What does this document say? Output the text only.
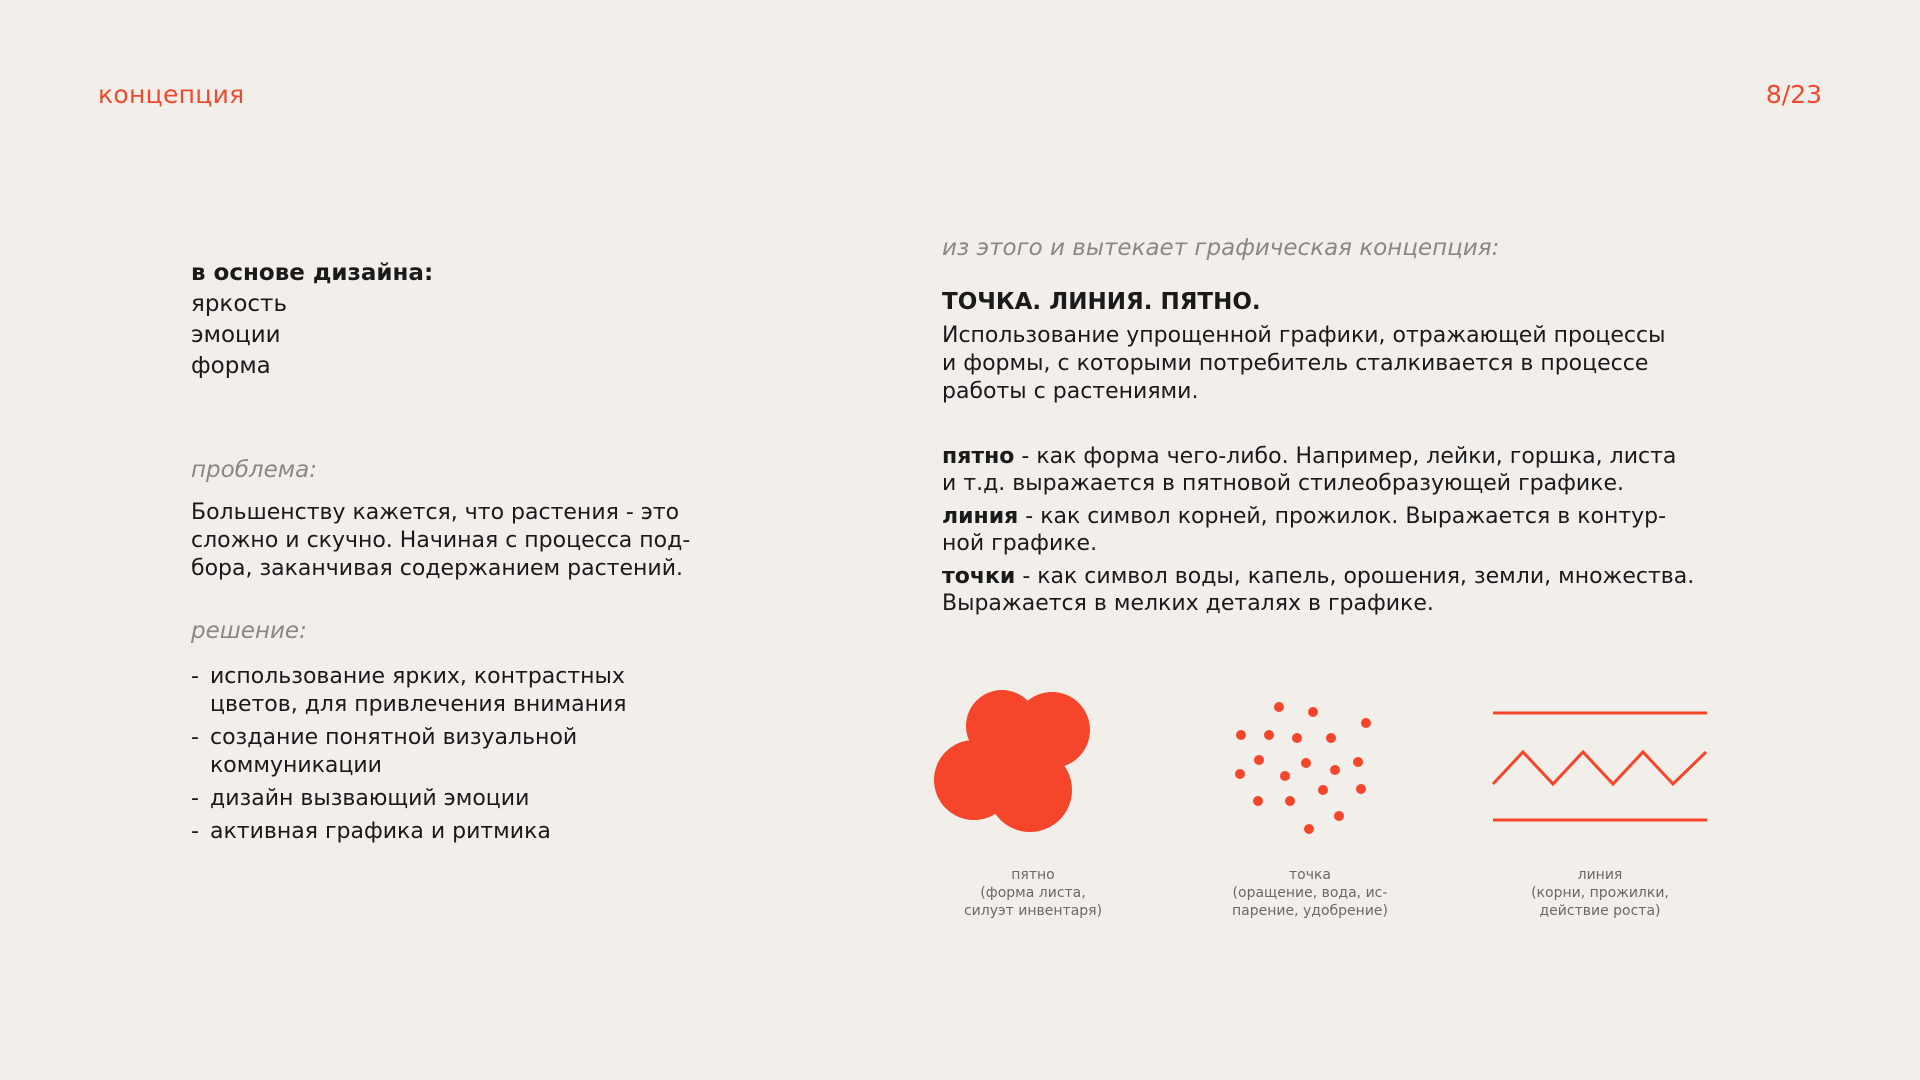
концепция	8/23
в основе дизайна:
яркость
эмоции
форма
проблема:
Большенству кажется, что растения - это
сложно и скучно. Начиная с процесса под-
бора, заканчивая содержанием растений.
решение:
- использование ярких, контрастных
цветов, для привлечения внимания
- создание понятной визуальной
коммуникации
- дизайн вызвающий эмоции
- активная графика и ритмика
из этого и вытекает графическая концепция:
ТОЧКА. ЛИНИЯ. ПЯТНО.
Использование упрощенной графики, отражающей процессы
и формы, с которыми потребитель сталкивается в процессе
работы с растениями.
пятно - как форма чего-либо. Например, лейки, горшка, листа
и т.д. выражается в пятновой стилеобразующей графике.
линия - как символ корней, прожилок. Выражается в контур-
ной графике.
точки - как символ воды, капель, орошения, земли, множества.
Выражается в мелких деталях в графике.
пятно
(форма листа,
силуэт инвентаря)
точка
(оращение, вода, ис-
парение, удобрение)
линия
(корни, прожилки,
действие роста)
